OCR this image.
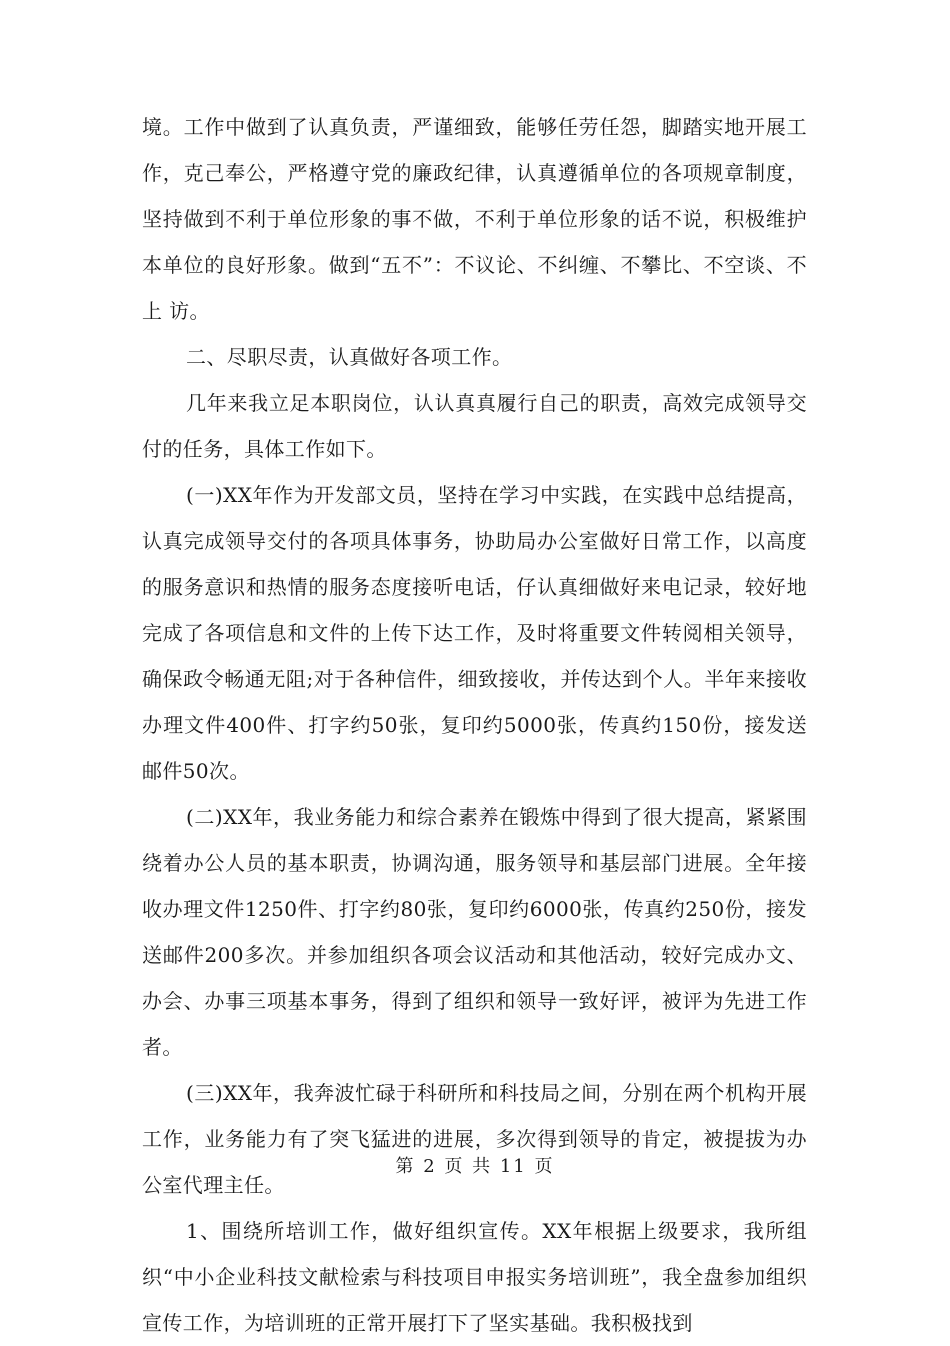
境。工作中做到了认真负责，严谨细致，能够任劳任怨，脚踏实地开展工作，克己奉公，严格遵守党的廉政纪律，认真遵循单位的各项规章制度，坚持做到不利于单位形象的事不做，不利于单位形象的话不说，积极维护本单位的良好形象。做到“五不”：不议论、不纠缠、不攀比、不空谈、不上 访。

二、尽职尽责，认真做好各项工作。

几年来我立足本职岗位，认认真真履行自己的职责，高效完成领导交付的任务，具体工作如下。

(一)XX年作为开发部文员，坚持在学习中实践，在实践中总结提高，认真完成领导交付的各项具体事务，协助局办公室做好日常工作，以高度的服务意识和热情的服务态度接听电话，仔认真细做好来电记录，较好地完成了各项信息和文件的上传下达工作，及时将重要文件转阅相关领导，确保政令畅通无阻;对于各种信件，细致接收，并传达到个人。半年来接收办理文件400件、打字约50张，复印约5000张，传真约150份，接发送邮件50次。

(二)XX年，我业务能力和综合素养在锻炼中得到了很大提高，紧紧围绕着办公人员的基本职责，协调沟通，服务领导和基层部门进展。全年接收办理文件1250件、打字约80张，复印约6000张，传真约250份，接发送邮件200多次。并参加组织各项会议活动和其他活动，较好完成办文、办会、办事三项基本事务，得到了组织和领导一致好评，被评为先进工作者。

(三)XX年，我奔波忙碌于科研所和科技局之间，分别在两个机构开展工作，业务能力有了突飞猛进的进展，多次得到领导的肯定，被提拔为办公室代理主任。

1、围绕所培训工作，做好组织宣传。XX年根据上级要求，我所组织“中小企业科技文献检索与科技项目申报实务培训班”，我全盘参加组织宣传工作，为培训班的正常开展打下了坚实基础。我积极找到

第 2 页 共 11 页
